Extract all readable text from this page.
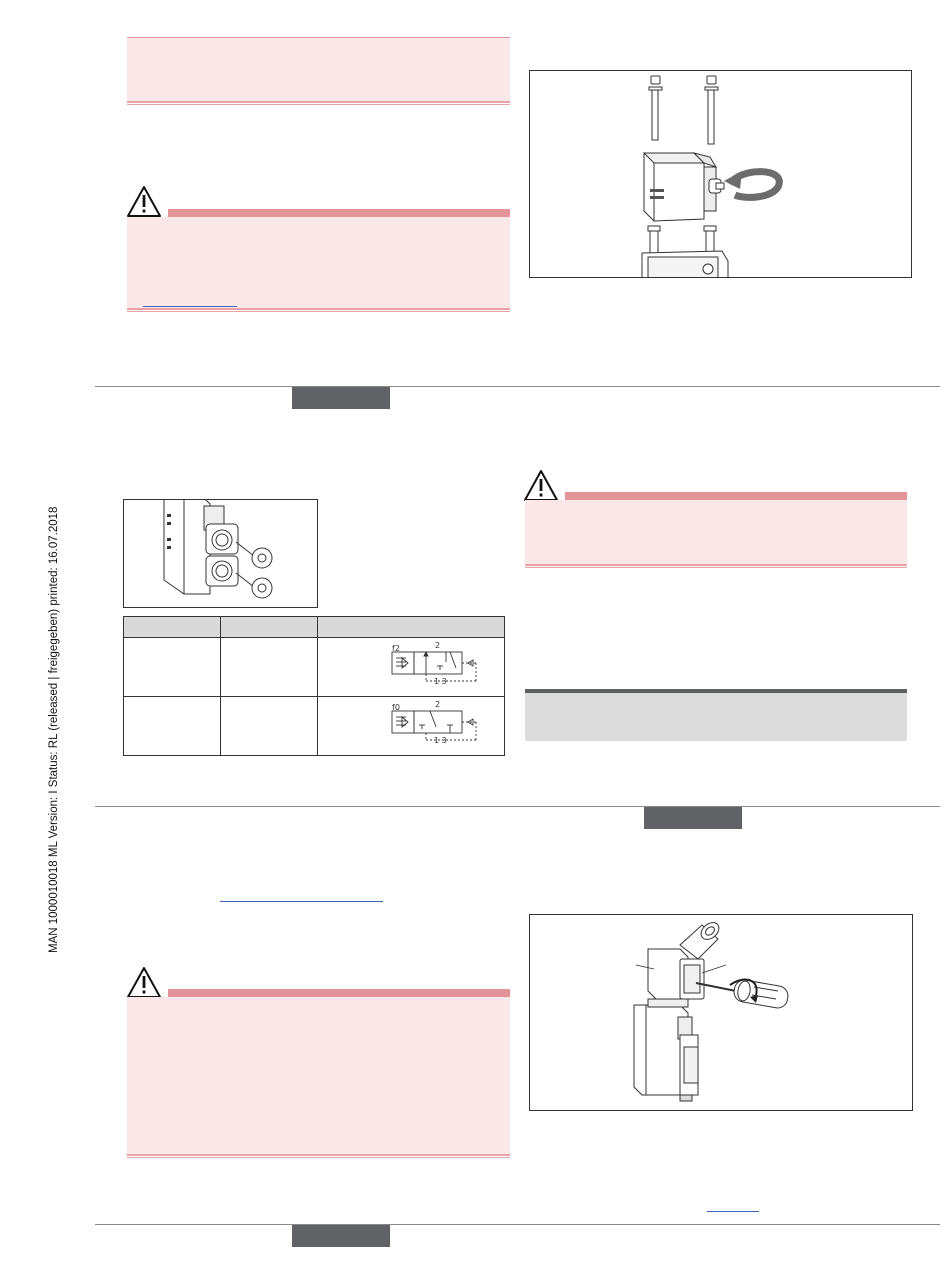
MAN 1000010018 ML Version: I Status: RL (released | freigegeben) printed: 16.07.2018

f2 2
1 3

f0 2
1 3
